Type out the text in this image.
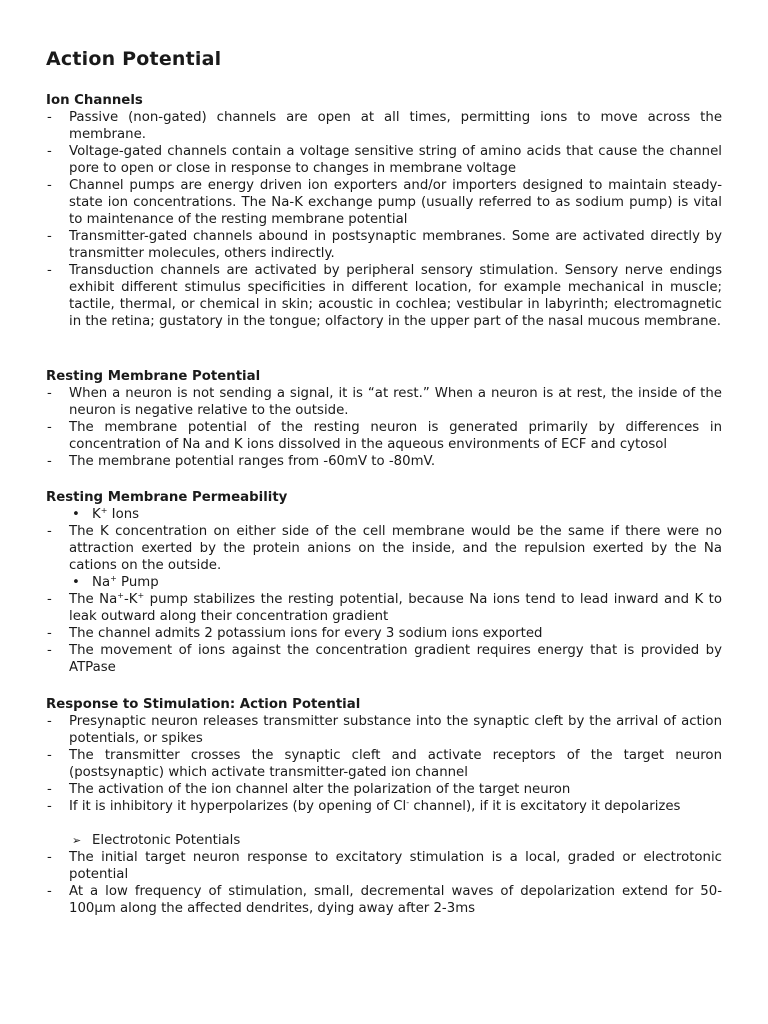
Action Potential
Ion Channels
- Passive (non-gated) channels are open at all times, permitting ions to move across the membrane.
- Voltage-gated channels contain a voltage sensitive string of amino acids that cause the channel pore to open or close in response to changes in membrane voltage
- Channel pumps are energy driven ion exporters and/or importers designed to maintain steady-state ion concentrations. The Na-K exchange pump (usually referred to as sodium pump) is vital to maintenance of the resting membrane potential
- Transmitter-gated channels abound in postsynaptic membranes. Some are activated directly by transmitter molecules, others indirectly.
- Transduction channels are activated by peripheral sensory stimulation. Sensory nerve endings exhibit different stimulus specificities in different location, for example mechanical in muscle; tactile, thermal, or chemical in skin; acoustic in cochlea; vestibular in labyrinth; electromagnetic in the retina; gustatory in the tongue; olfactory in the upper part of the nasal mucous membrane.
Resting Membrane Potential
- When a neuron is not sending a signal, it is “at rest.” When a neuron is at rest, the inside of the neuron is negative relative to the outside.
- The membrane potential of the resting neuron is generated primarily by differences in concentration of Na and K ions dissolved in the aqueous environments of ECF and cytosol
- The membrane potential ranges from -60mV to -80mV.
Resting Membrane Permeability
• K+ Ions
- The K concentration on either side of the cell membrane would be the same if there were no attraction exerted by the protein anions on the inside, and the repulsion exerted by the Na cations on the outside.
• Na+ Pump
- The Na+-K+ pump stabilizes the resting potential, because Na ions tend to lead inward and K to leak outward along their concentration gradient
- The channel admits 2 potassium ions for every 3 sodium ions exported
- The movement of ions against the concentration gradient requires energy that is provided by ATPase
Response to Stimulation: Action Potential
- Presynaptic neuron releases transmitter substance into the synaptic cleft by the arrival of action potentials, or spikes
- The transmitter crosses the synaptic cleft and activate receptors of the target neuron (postsynaptic) which activate transmitter-gated ion channel
- The activation of the ion channel alter the polarization of the target neuron
- If it is inhibitory it hyperpolarizes (by opening of Cl- channel), if it is excitatory it depolarizes
➢ Electrotonic Potentials
- The initial target neuron response to excitatory stimulation is a local, graded or electrotonic potential
- At a low frequency of stimulation, small, decremental waves of depolarization extend for 50-100µm along the affected dendrites, dying away after 2-3ms
